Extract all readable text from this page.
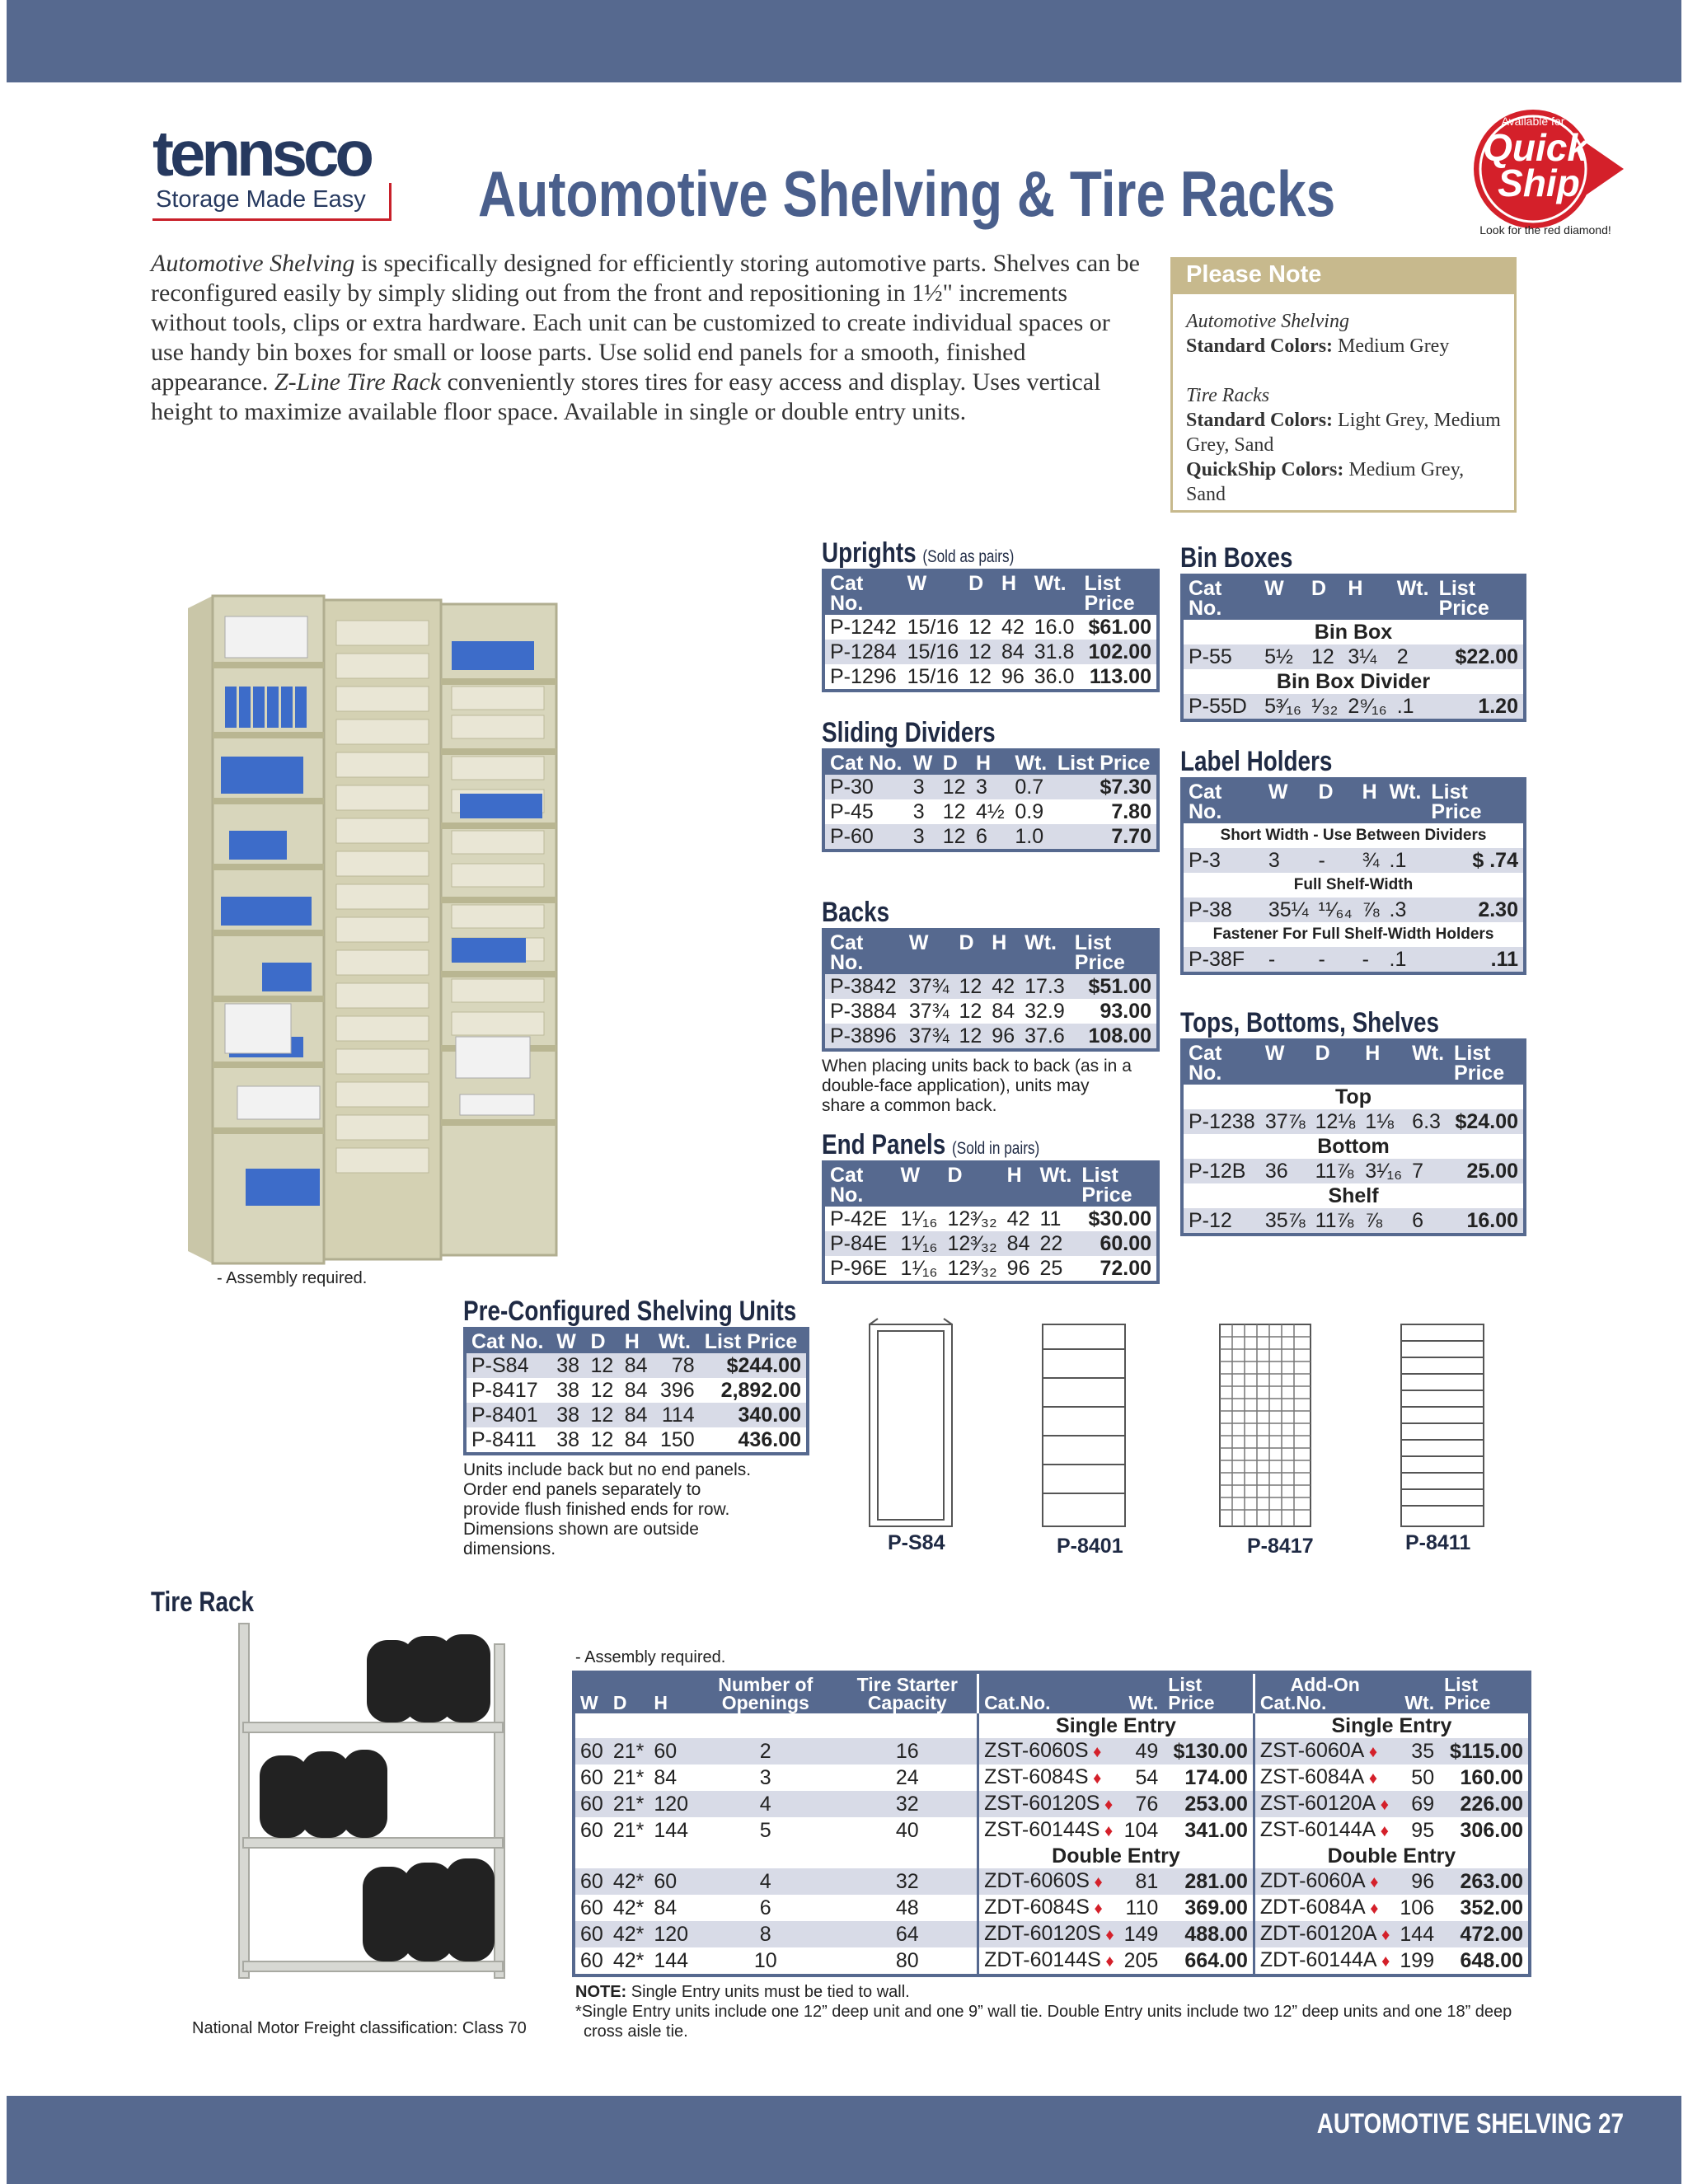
tennsco
Storage Made Easy	Automotive Shelving & Tire Racks
Available for
Quick
Ship
Look for the red diamond!
Automotive Shelving is specifically designed for efficiently storing automotive parts. Shelves can be reconfigured easily by simply sliding out from the front and repositioning in 1½" increments without tools, clips or extra hardware. Each unit can be customized to create individual spaces or use handy bin boxes for small or loose parts. Use solid end panels for a smooth, finished appearance. Z-Line Tire Rack conveniently stores tires for easy access and display. Uses vertical height to maximize available floor space. Available in single or double entry units.
Please Note
Automotive Shelving
Standard Colors: Medium Grey
Tire Racks
Standard Colors: Light Grey, Medium Grey, Sand
QuickShip Colors: Medium Grey, Sand
- Assembly required.
Uprights (Sold as pairs)
Cat No.	W	D	H	Wt.	List Price
P-1242	15/16	12	42	16.0	$61.00
P-1284	15/16	12	84	31.8	102.00
P-1296	15/16	12	96	36.0	113.00
Sliding Dividers
Cat No.	W	D	H	Wt.	List Price
P-30	3	12	3	0.7	$7.30
P-45	3	12	4½	0.9	7.80
P-60	3	12	6	1.0	7.70
Backs
Cat No.	W	D	H	Wt.	List Price
P-3842	37¾	12	42	17.3	$51.00
P-3884	37¾	12	84	32.9	93.00
P-3896	37¾	12	96	37.6	108.00
When placing units back to back (as in a double-face application), units may share a common back.
End Panels (Sold in pairs)
Cat No.	W	D	H	Wt.	List Price
P-42E	1¹⁄₁₆	12³⁄₃₂	42	11	$30.00
P-84E	1¹⁄₁₆	12³⁄₃₂	84	22	60.00
P-96E	1¹⁄₁₆	12³⁄₃₂	96	25	72.00
Bin Boxes
Cat No.	W	D	H	Wt.	List Price
Bin Box					
P-55	5½	12	3¼	2	$22.00
Bin Box Divider					
P-55D	5³⁄₁₆	¹⁄₃₂	2⁹⁄₁₆	.1	1.20
Label Holders
Cat No.	W	D	H	Wt.	List Price
Short Width - Use Between Dividers					
P-3	3	-	¾	.1	$ .74
Full Shelf-Width					
P-38	35¼	¹¹⁄₆₄	⅞	.3	2.30
Fastener For Full Shelf-Width Holders					
P-38F	-	-	-	.1	.11
Tops, Bottoms, Shelves
Cat No.	W	D	H	Wt.	List Price
Top					
P-1238	37⅞	12⅛	1⅛	6.3	$24.00
Bottom					
P-12B	36	11⅞	3¹⁄₁₆	7	25.00
Shelf					
P-12	35⅞	11⅞	⅞	6	16.00
Pre-Configured Shelving Units
Cat No.	W	D	H	Wt.	List Price
P-S84	38	12	84	78	$244.00
P-8417	38	12	84	396	2,892.00
P-8401	38	12	84	114	340.00
P-8411	38	12	84	150	436.00
Units include back but no end panels. Order end panels separately to provide flush finished ends for row. Dimensions shown are outside dimensions.	P-S84	P-8401	P-8417	P-8411
Tire Rack
National Motor Freight classification: Class 70
- Assembly required.
W	D	H	Number of Openings	Tire Starter Capacity	Cat.No.	Wt.	List Price	Add-On
Cat.No.	Wt.	List Price
					Single Entry			Single Entry		
60	21*	60	2	16	ZST-6060S ♦	49	$130.00	ZST-6060A ♦	35	$115.00
60	21*	84	3	24	ZST-6084S ♦	54	174.00	ZST-6084A ♦	50	160.00
60	21*	120	4	32	ZST-60120S ♦	76	253.00	ZST-60120A ♦	69	226.00
60	21*	144	5	40	ZST-60144S ♦	104	341.00	ZST-60144A ♦	95	306.00
					Double Entry			Double Entry		
60	42*	60	4	32	ZDT-6060S ♦	81	281.00	ZDT-6060A ♦	96	263.00
60	42*	84	6	48	ZDT-6084S ♦	110	369.00	ZDT-6084A ♦	106	352.00
60	42*	120	8	64	ZDT-60120S ♦	149	488.00	ZDT-60120A ♦	144	472.00
60	42*	144	10	80	ZDT-60144S ♦	205	664.00	ZDT-60144A ♦	199	648.00
NOTE: Single Entry units must be tied to wall.
*Single Entry units include one 12” deep unit and one 9” wall tie. Double Entry units include two 12” deep units and one 18” deep cross aisle tie.
AUTOMOTIVE SHELVING 27
